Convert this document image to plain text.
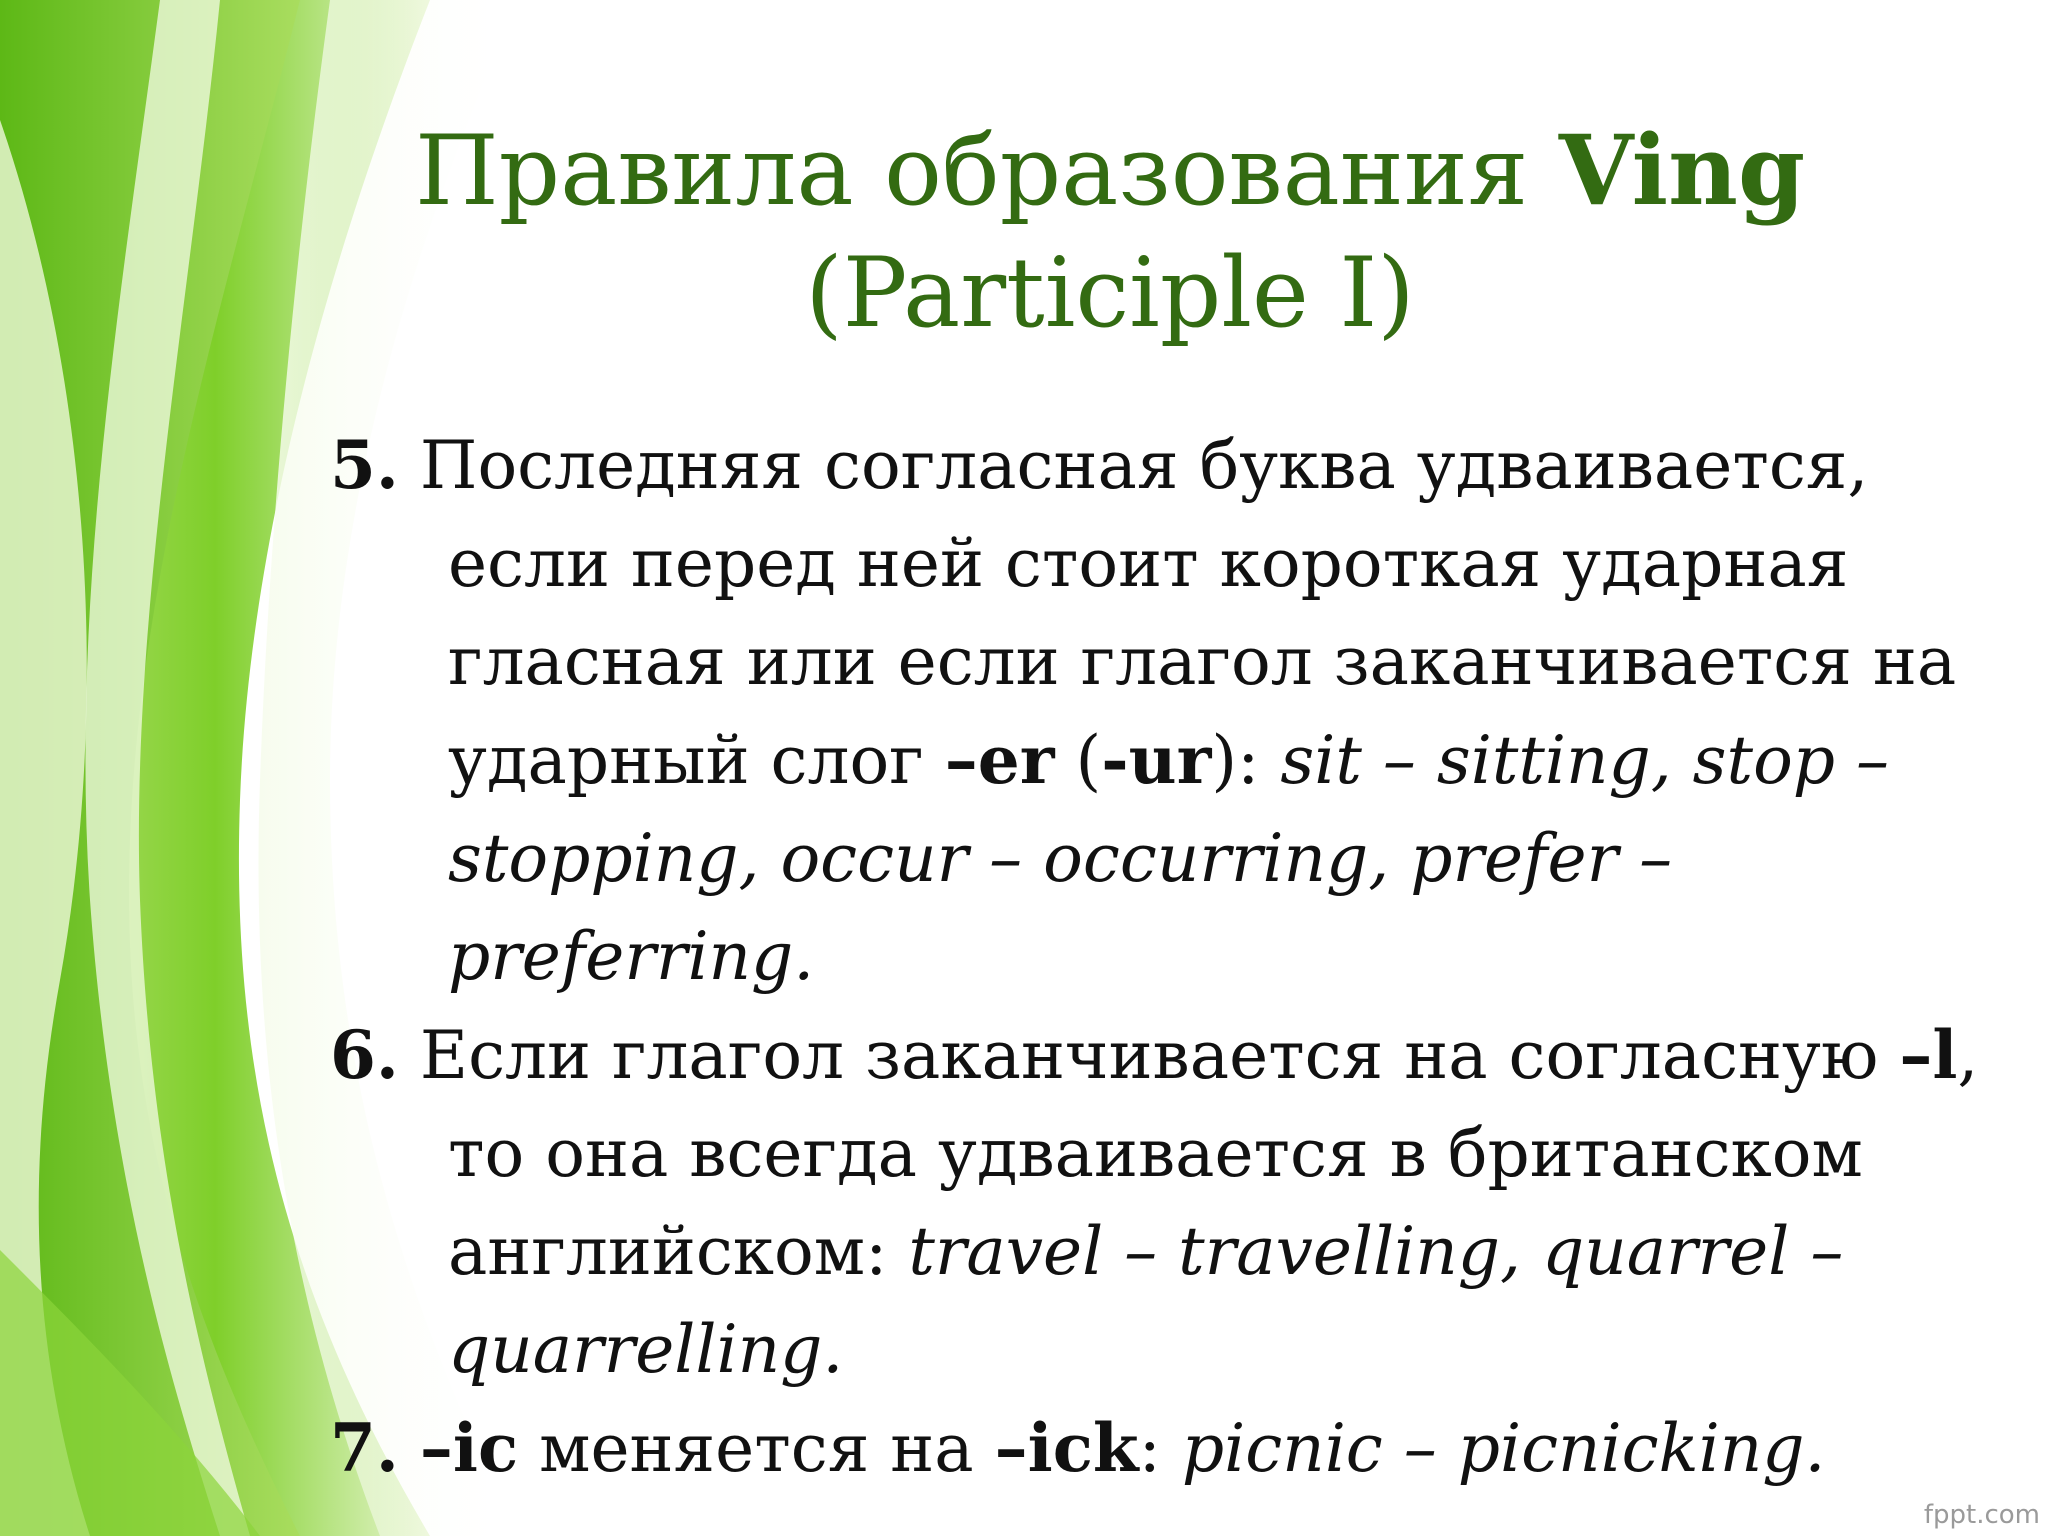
Правила образования Ving
(Participle I)
5. Последняя согласная буква удваивается, если перед ней стоит короткая ударная гласная или если глагол заканчивается на ударный слог –er (-ur): sit – sitting, stop – stopping, occur – occurring, prefer – preferring.
6. Если глагол заканчивается на согласную –l, то она всегда удваивается в британском английском: travel – travelling, quarrel – quarrelling.
7. –ic меняется на –ick: picnic – picnicking.
fppt.com
